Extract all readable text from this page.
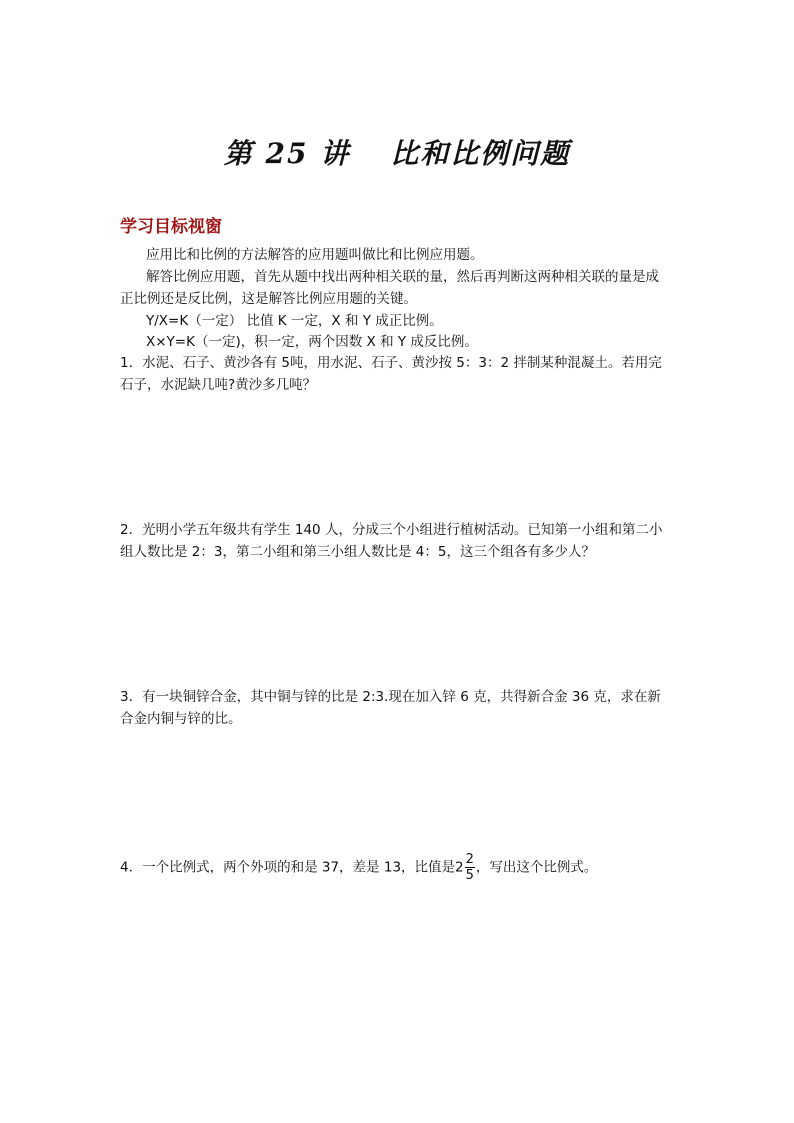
第 25 讲 比和比例问题
学习目标视窗
应用比和比例的方法解答的应用题叫做比和比例应用题。
解答比例应用题，首先从题中找出两种相关联的量，然后再判断这两种相关联的量是成
正比例还是反比例，这是解答比例应用题的关键。
Y/X=K（一定） 比值 K 一定，X 和 Y 成正比例。
X×Y=K（一定)，积一定，两个因数 X 和 Y 成反比例。
1．水泥、石子、黄沙各有 5吨，用水泥、石子、黄沙按 5：3：2 拌制某种混凝土。若用完
石子，水泥缺几吨?黄沙多几吨？
2．光明小学五年级共有学生 140 人，分成三个小组进行植树活动。已知第一小组和第二小
组人数比是 2：3，第二小组和第三小组人数比是 4：5，这三个组各有多少人？
3．有一块铜锌合金，其中铜与锌的比是 2:3.现在加入锌 6 克，共得新合金 36 克，求在新
合金内铜与锌的比。
4．一个比例式，两个外项的和是 37，差是 13，比值是$2 \frac{2}{5}$ ，写出这个比例式。
